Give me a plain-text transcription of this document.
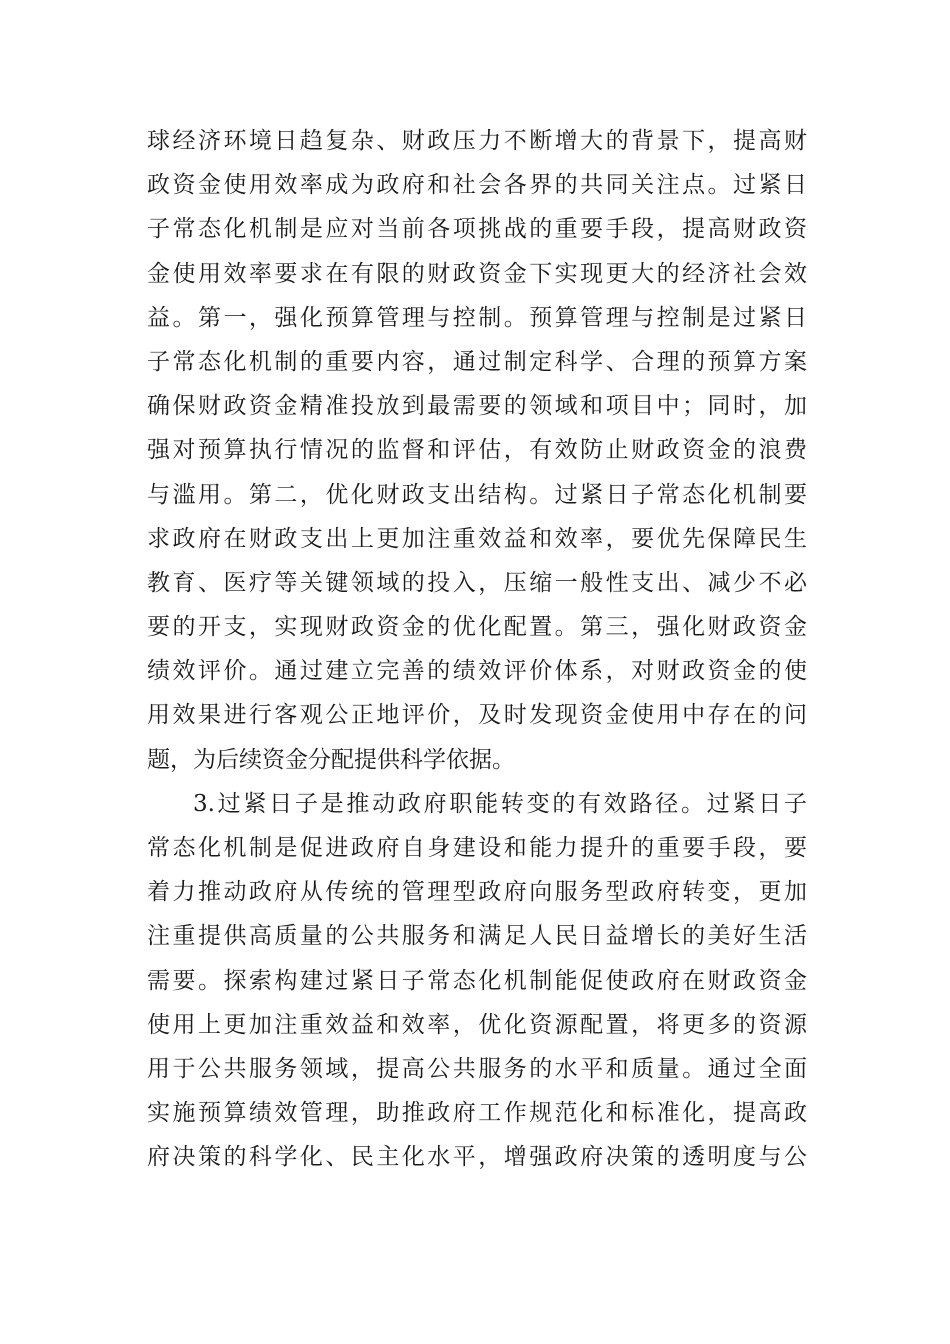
球经济环境日趋复杂、财政压力不断增大的背景下，提高财
政资金使用效率成为政府和社会各界的共同关注点。过紧日
子常态化机制是应对当前各项挑战的重要手段，提高财政资
金使用效率要求在有限的财政资金下实现更大的经济社会效
益。第一，强化预算管理与控制。预算管理与控制是过紧日
子常态化机制的重要内容，通过制定科学、合理的预算方案
确保财政资金精准投放到最需要的领域和项目中；同时，加
强对预算执行情况的监督和评估，有效防止财政资金的浪费
与滥用。第二，优化财政支出结构。过紧日子常态化机制要
求政府在财政支出上更加注重效益和效率，要优先保障民生
教育、医疗等关键领域的投入，压缩一般性支出、减少不必
要的开支，实现财政资金的优化配置。第三，强化财政资金
绩效评价。通过建立完善的绩效评价体系，对财政资金的使
用效果进行客观公正地评价，及时发现资金使用中存在的问
题，为后续资金分配提供科学依据。
3.过紧日子是推动政府职能转变的有效路径。过紧日子
常态化机制是促进政府自身建设和能力提升的重要手段，要
着力推动政府从传统的管理型政府向服务型政府转变，更加
注重提供高质量的公共服务和满足人民日益增长的美好生活
需要。探索构建过紧日子常态化机制能促使政府在财政资金
使用上更加注重效益和效率，优化资源配置，将更多的资源
用于公共服务领域，提高公共服务的水平和质量。通过全面
实施预算绩效管理，助推政府工作规范化和标准化，提高政
府决策的科学化、民主化水平，增强政府决策的透明度与公
